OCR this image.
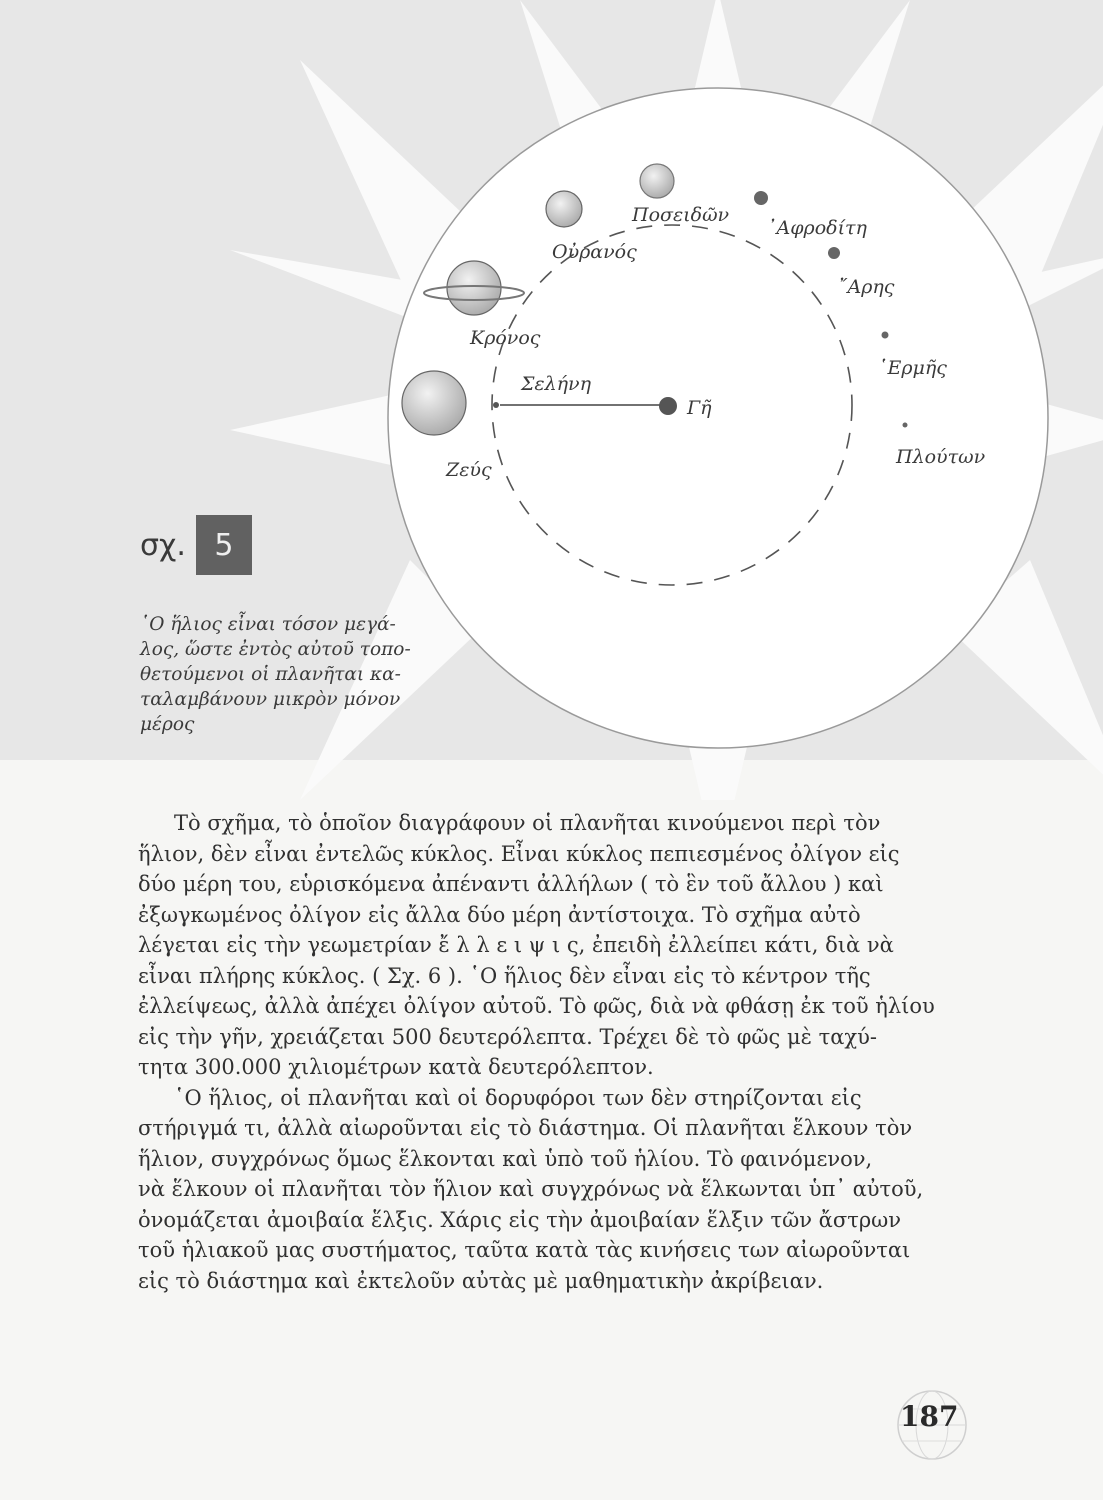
Σελήνη
Γῆ
Ζεύς
Κρόνος
Οὐρανός
Ποσειδῶν
᾿Αφροδίτη
῎Αρης
῾Ερμῆς
Πλούτων
σχ. 5
῾Ο ἥλιος εἶναι τόσον μεγά-
λος, ὥστε ἐντὸς αὐτοῦ τοπο-
θετούμενοι οἱ πλανῆται κα-
ταλαμβάνουν μικρὸν μόνον
μέρος

Τὸ σχῆμα, τὸ ὁποῖον διαγράφουν οἱ πλανῆται κινούμενοι περὶ τὸν
ἥλιον, δὲν εἶναι ἐντελῶς κύκλος. Εἶναι κύκλος πεπιεσμένος ὀλίγον εἰς
δύο μέρη του, εὑρισκόμενα ἀπέναντι ἀλλήλων ( τὸ ἓν τοῦ ἄλλου ) καὶ
ἐξωγκωμένος ὀλίγον εἰς ἄλλα δύο μέρη ἀντίστοιχα. Τὸ σχῆμα αὐτὸ
λέγεται εἰς τὴν γεωμετρίαν ἔ λ λ ε ι ψ ι ς, ἐπειδὴ ἐλλείπει κάτι, διὰ νὰ
εἶναι πλήρης κύκλος. ( Σχ. 6 ). ῾Ο ἥλιος δὲν εἶναι εἰς τὸ κέντρον τῆς
ἐλλείψεως, ἀλλὰ ἀπέχει ὀλίγον αὐτοῦ. Τὸ φῶς, διὰ νὰ φθάσῃ ἐκ τοῦ ἡλίου
εἰς τὴν γῆν, χρειάζεται 500 δευτερόλεπτα. Τρέχει δὲ τὸ φῶς μὲ ταχύ-
τητα 300.000 χιλιομέτρων κατὰ δευτερόλεπτον.

῾Ο ἥλιος, οἱ πλανῆται καὶ οἱ δορυφόροι των δὲν στηρίζονται εἰς
στήριγμά τι, ἀλλὰ αἰωροῦνται εἰς τὸ διάστημα. Οἱ πλανῆται ἕλκουν τὸν
ἥλιον, συγχρόνως ὅμως ἕλκονται καὶ ὑπὸ τοῦ ἡλίου. Τὸ φαινόμενον,
νὰ ἕλκουν οἱ πλανῆται τὸν ἥλιον καὶ συγχρόνως νὰ ἕλκωνται ὑπ᾿ αὐτοῦ,
ὀνομάζεται ἀμοιβαία ἕλξις. Χάρις εἰς τὴν ἀμοιβαίαν ἕλξιν τῶν ἄστρων
τοῦ ἡλιακοῦ μας συστήματος, ταῦτα κατὰ τὰς κινήσεις των αἰωροῦνται
εἰς τὸ διάστημα καὶ ἐκτελοῦν αὐτὰς μὲ μαθηματικὴν ἀκρίβειαν.

187
